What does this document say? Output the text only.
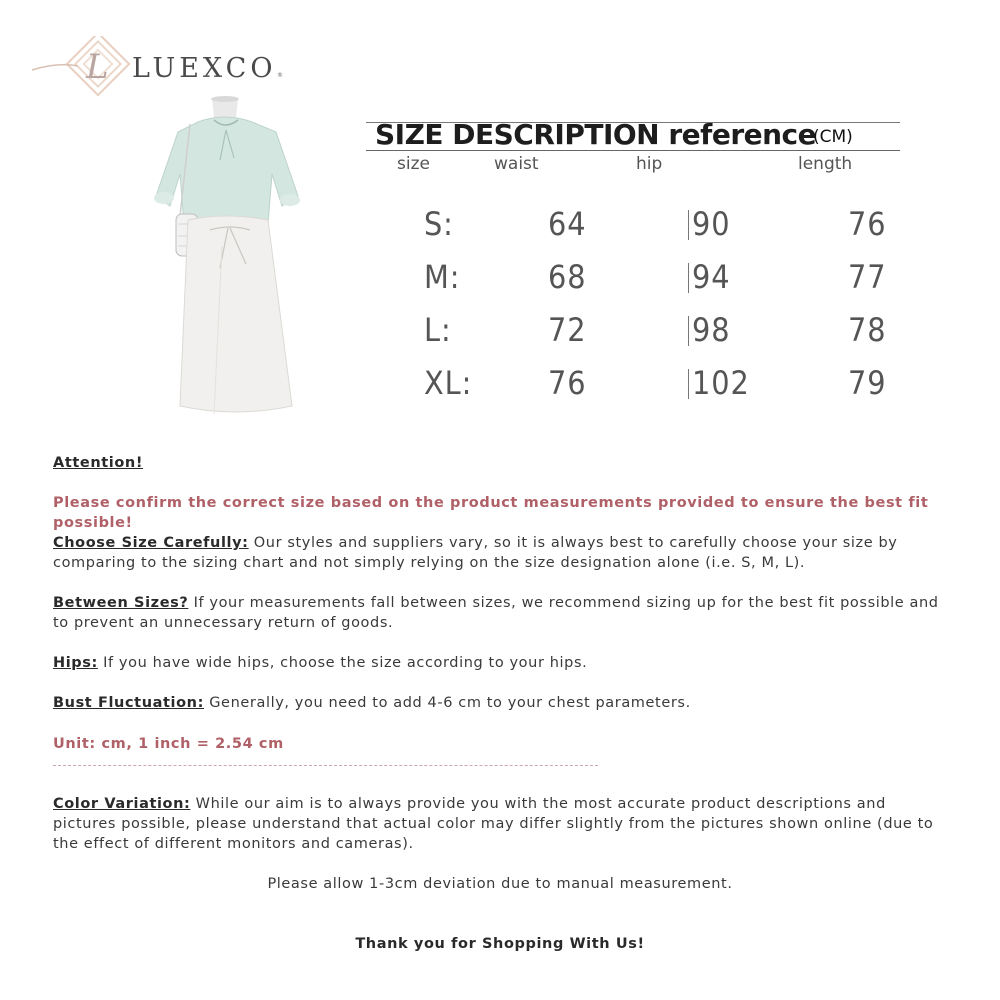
L LUEXCO ®
SIZE DESCRIPTION reference
(CM)
size	waist	hip	length
S:	64	90	76
M:	68	94	77
L:	72	98	78
XL: 76	102	79
Attention!
Please confirm the correct size based on the product measurements provided to ensure the best fit possible!
Choose Size Carefully: Our styles and suppliers vary, so it is always best to carefully choose your size by comparing to the sizing chart and not simply relying on the size designation alone (i.e. S, M, L).
Between Sizes? If your measurements fall between sizes, we recommend sizing up for the best fit possible and to prevent an unnecessary return of goods.
Hips: If you have wide hips, choose the size according to your hips.
Bust Fluctuation: Generally, you need to add 4-6 cm to your chest parameters.
Unit: cm, 1 inch = 2.54 cm
Color Variation: While our aim is to always provide you with the most accurate product descriptions and pictures possible, please understand that actual color may differ slightly from the pictures shown online (due to the effect of different monitors and cameras).
Please allow 1-3cm deviation due to manual measurement.
Thank you for Shopping With Us!
